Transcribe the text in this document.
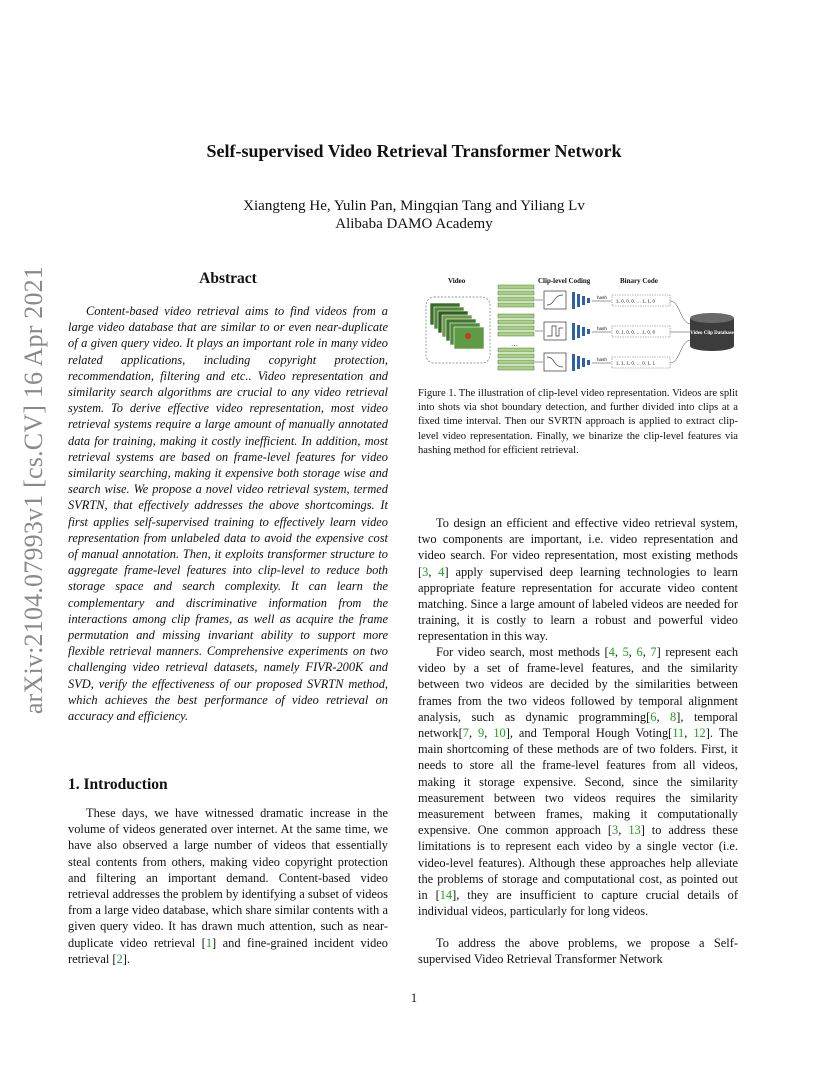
arXiv:2104.07993v1 [cs.CV] 16 Apr 2021
Self-supervised Video Retrieval Transformer Network
Xiangteng He, Yulin Pan, Mingqian Tang and Yiliang Lv
Alibaba DAMO Academy
Abstract

Content-based video retrieval aims to find videos from a large video database that are similar to or even near-duplicate of a given query video. It plays an important role in many video related applications, including copyright protection, recommendation, filtering and etc.. Video representation and similarity search algorithms are crucial to any video retrieval system. To derive effective video representation, most video retrieval systems require a large amount of manually annotated data for training, making it costly inefficient. In addition, most retrieval systems are based on frame-level features for video similarity searching, making it expensive both storage wise and search wise. We propose a novel video retrieval system, termed SVRTN, that effectively addresses the above shortcomings. It first applies self-supervised training to effectively learn video representation from unlabeled data to avoid the expensive cost of manual annotation. Then, it exploits transformer structure to aggregate frame-level features into clip-level to reduce both storage space and search complexity. It can learn the complementary and discriminative information from the interactions among clip frames, as well as acquire the frame permutation and missing invariant ability to support more flexible retrieval manners. Comprehensive experiments on two challenging video retrieval datasets, namely FIVR-200K and SVD, verify the effectiveness of our proposed SVRTN method, which achieves the best performance of video retrieval on accuracy and efficiency.

1. Introduction

These days, we have witnessed dramatic increase in the volume of videos generated over internet. At the same time, we have also observed a large number of videos that essentially steal contents from others, making video copyright protection and filtering an important demand. Content-based video retrieval addresses the problem by identifying a subset of videos from a large video database, which share similar contents with a given query video. It has drawn much attention, such as near-duplicate video retrieval [1] and fine-grained incident video retrieval [2].

Video	Clip-level Coding	Binary Code
…
hash
hash
hash
1, 0, 0, 0, … 1, 1, 0
0, 1, 0, 0, … 1, 0, 0
1, 1, 1, 0, … 0, 1, 1
Video Clip Database

Figure 1. The illustration of clip-level video representation. Videos are split into shots via shot boundary detection, and further divided into clips at a fixed time interval. Then our SVRTN approach is applied to extract clip-level video representation. Finally, we binarize the clip-level features via hashing method for efficient retrieval.

To design an efficient and effective video retrieval system, two components are important, i.e. video representation and video search. For video representation, most existing methods [3, 4] apply supervised deep learning technologies to learn appropriate feature representation for accurate video content matching. Since a large amount of labeled videos are needed for training, it is costly to learn a robust and powerful video representation in this way.

For video search, most methods [4, 5, 6, 7] represent each video by a set of frame-level features, and the similarity between two videos are decided by the similarities between frames from the two videos followed by temporal alignment analysis, such as dynamic programming[6, 8], temporal network[7, 9, 10], and Temporal Hough Voting[11, 12]. The main shortcoming of these methods are of two folders. First, it needs to store all the frame-level features from all videos, making it storage expensive. Second, since the similarity measurement between two videos requires the similarity measurement between frames, making it computationally expensive. One common approach [3, 13] to address these limitations is to represent each video by a single vector (i.e. video-level features). Although these approaches help alleviate the problems of storage and computational cost, as pointed out in [14], they are insufficient to capture crucial details of individual videos, particularly for long videos.

To address the above problems, we propose a Self-supervised Video Retrieval Transformer Network

1
